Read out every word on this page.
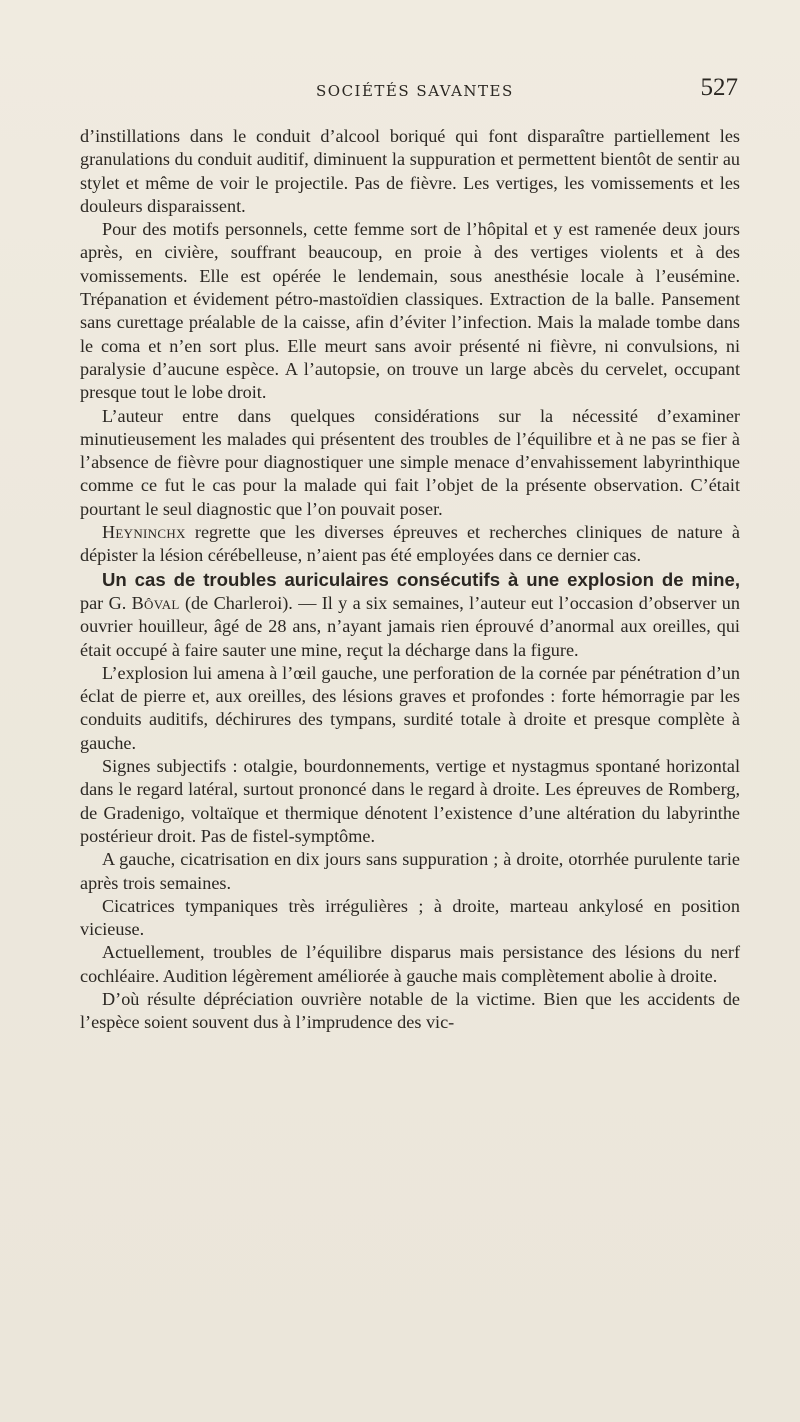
SOCIÉTÉS SAVANTES	527

d’instillations dans le conduit d’alcool boriqué qui font disparaître partiellement les granulations du conduit auditif, diminuent la suppuration et permettent bientôt de sentir au stylet et même de voir le projectile. Pas de fièvre. Les vertiges, les vomissements et les douleurs disparaissent.

Pour des motifs personnels, cette femme sort de l’hôpital et y est ramenée deux jours après, en civière, souffrant beaucoup, en proie à des vertiges violents et à des vomissements. Elle est opérée le lendemain, sous anesthésie locale à l’eusémine. Trépanation et évidement pétro-mastoïdien classiques. Extraction de la balle. Pansement sans curettage préalable de la caisse, afin d’éviter l’infection. Mais la malade tombe dans le coma et n’en sort plus. Elle meurt sans avoir présenté ni fièvre, ni convulsions, ni paralysie d’aucune espèce. A l’autopsie, on trouve un large abcès du cervelet, occupant presque tout le lobe droit.

L’auteur entre dans quelques considérations sur la nécessité d’examiner minutieusement les malades qui présentent des troubles de l’équilibre et à ne pas se fier à l’absence de fièvre pour diagnostiquer une simple menace d’envahissement labyrinthique comme ce fut le cas pour la malade qui fait l’objet de la présente observation. C’était pourtant le seul diagnostic que l’on pouvait poser.

Heyninchx regrette que les diverses épreuves et recherches cliniques de nature à dépister la lésion cérébelleuse, n’aient pas été employées dans ce dernier cas.

Un cas de troubles auriculaires consécutifs à une explosion de mine, par G. Bôval (de Charleroi). — Il y a six semaines, l’auteur eut l’occasion d’observer un ouvrier houilleur, âgé de 28 ans, n’ayant jamais rien éprouvé d’anormal aux oreilles, qui était occupé à faire sauter une mine, reçut la décharge dans la figure.

L’explosion lui amena à l’œil gauche, une perforation de la cornée par pénétration d’un éclat de pierre et, aux oreilles, des lésions graves et profondes : forte hémorragie par les conduits auditifs, déchirures des tympans, surdité totale à droite et presque complète à gauche.

Signes subjectifs : otalgie, bourdonnements, vertige et nystagmus spontané horizontal dans le regard latéral, surtout prononcé dans le regard à droite. Les épreuves de Romberg, de Gradenigo, voltaïque et thermique dénotent l’existence d’une altération du labyrinthe postérieur droit. Pas de fistel-symptôme.

A gauche, cicatrisation en dix jours sans suppuration ; à droite, otorrhée purulente tarie après trois semaines.

Cicatrices tympaniques très irrégulières ; à droite, marteau ankylosé en position vicieuse.

Actuellement, troubles de l’équilibre disparus mais persistance des lésions du nerf cochléaire. Audition légèrement améliorée à gauche mais complètement abolie à droite.

D’où résulte dépréciation ouvrière notable de la victime. Bien que les accidents de l’espèce soient souvent dus à l’imprudence des vic-
